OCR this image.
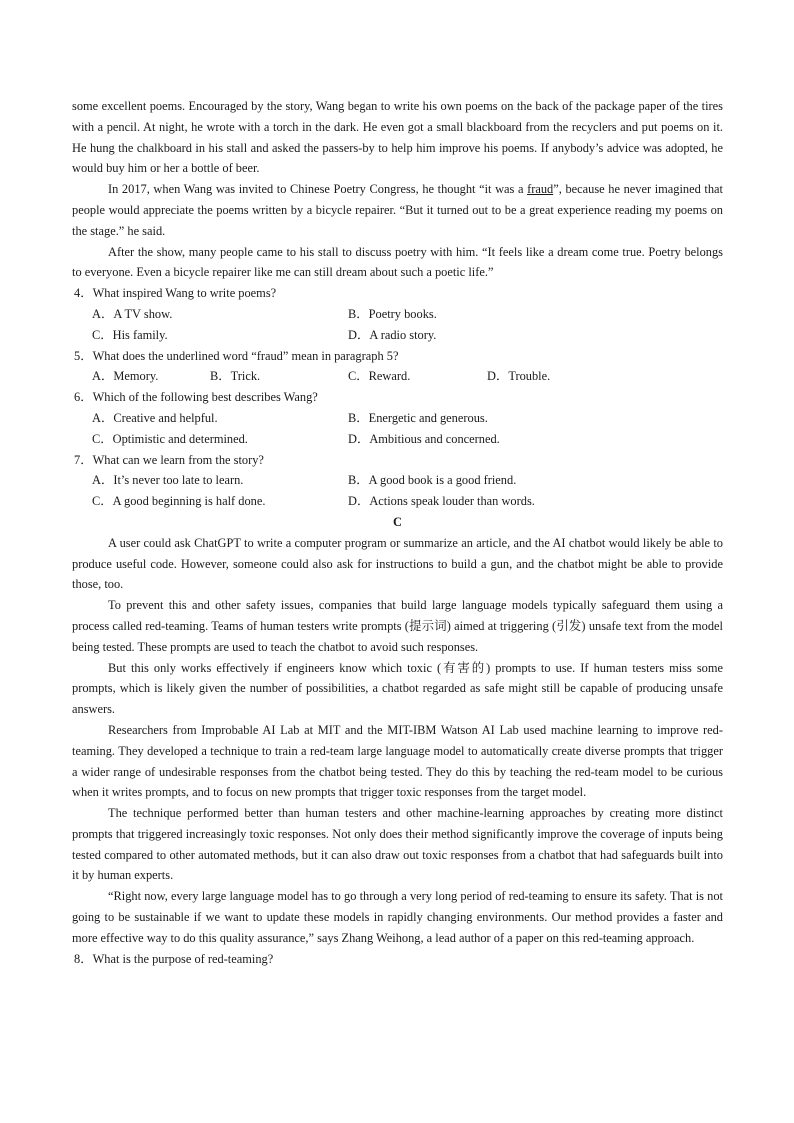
some excellent poems. Encouraged by the story, Wang began to write his own poems on the back of the package paper of the tires with a pencil. At night, he wrote with a torch in the dark. He even got a small blackboard from the recyclers and put poems on it. He hung the chalkboard in his stall and asked the passers-by to help him improve his poems. If anybody’s advice was adopted, he would buy him or her a bottle of beer.

In 2017, when Wang was invited to Chinese Poetry Congress, he thought “it was a fraud”, because he never imagined that people would appreciate the poems written by a bicycle repairer. “But it turned out to be a great experience reading my poems on the stage.” he said.

After the show, many people came to his stall to discuss poetry with him. “It feels like a dream come true. Poetry belongs to everyone. Even a bicycle repairer like me can still dream about such a poetic life.”

4．What inspired Wang to write poems?

A．A TV show.	B．Poetry books.
C．His family.	D．A radio story.

5．What does the underlined word “fraud” mean in paragraph 5?

A．Memory.	B．Trick.	C．Reward.	D．Trouble.

6．Which of the following best describes Wang?

A．Creative and helpful.	B．Energetic and generous.
C．Optimistic and determined.	D．Ambitious and concerned.

7．What can we learn from the story?

A．It’s never too late to learn.	B．A good book is a good friend.
C．A good beginning is half done.	D．Actions speak louder than words.

C

A user could ask ChatGPT to write a computer program or summarize an article, and the AI chatbot would likely be able to produce useful code. However, someone could also ask for instructions to build a gun, and the chatbot might be able to provide those, too.

To prevent this and other safety issues, companies that build large language models typically safeguard them using a process called red-teaming. Teams of human testers write prompts (提示词) aimed at triggering (引发) unsafe text from the model being tested. These prompts are used to teach the chatbot to avoid such responses.

But this only works effectively if engineers know which toxic (有害的) prompts to use. If human testers miss some prompts, which is likely given the number of possibilities, a chatbot regarded as safe might still be capable of producing unsafe answers.

Researchers from Improbable AI Lab at MIT and the MIT-IBM Watson AI Lab used machine learning to improve red-teaming. They developed a technique to train a red-team large language model to automatically create diverse prompts that trigger a wider range of undesirable responses from the chatbot being tested. They do this by teaching the red-team model to be curious when it writes prompts, and to focus on new prompts that trigger toxic responses from the target model.

The technique performed better than human testers and other machine-learning approaches by creating more distinct prompts that triggered increasingly toxic responses. Not only does their method significantly improve the coverage of inputs being tested compared to other automated methods, but it can also draw out toxic responses from a chatbot that had safeguards built into it by human experts.

“Right now, every large language model has to go through a very long period of red-teaming to ensure its safety. That is not going to be sustainable if we want to update these models in rapidly changing environments. Our method provides a faster and more effective way to do this quality assurance,” says Zhang Weihong, a lead author of a paper on this red-teaming approach.

8．What is the purpose of red-teaming?
